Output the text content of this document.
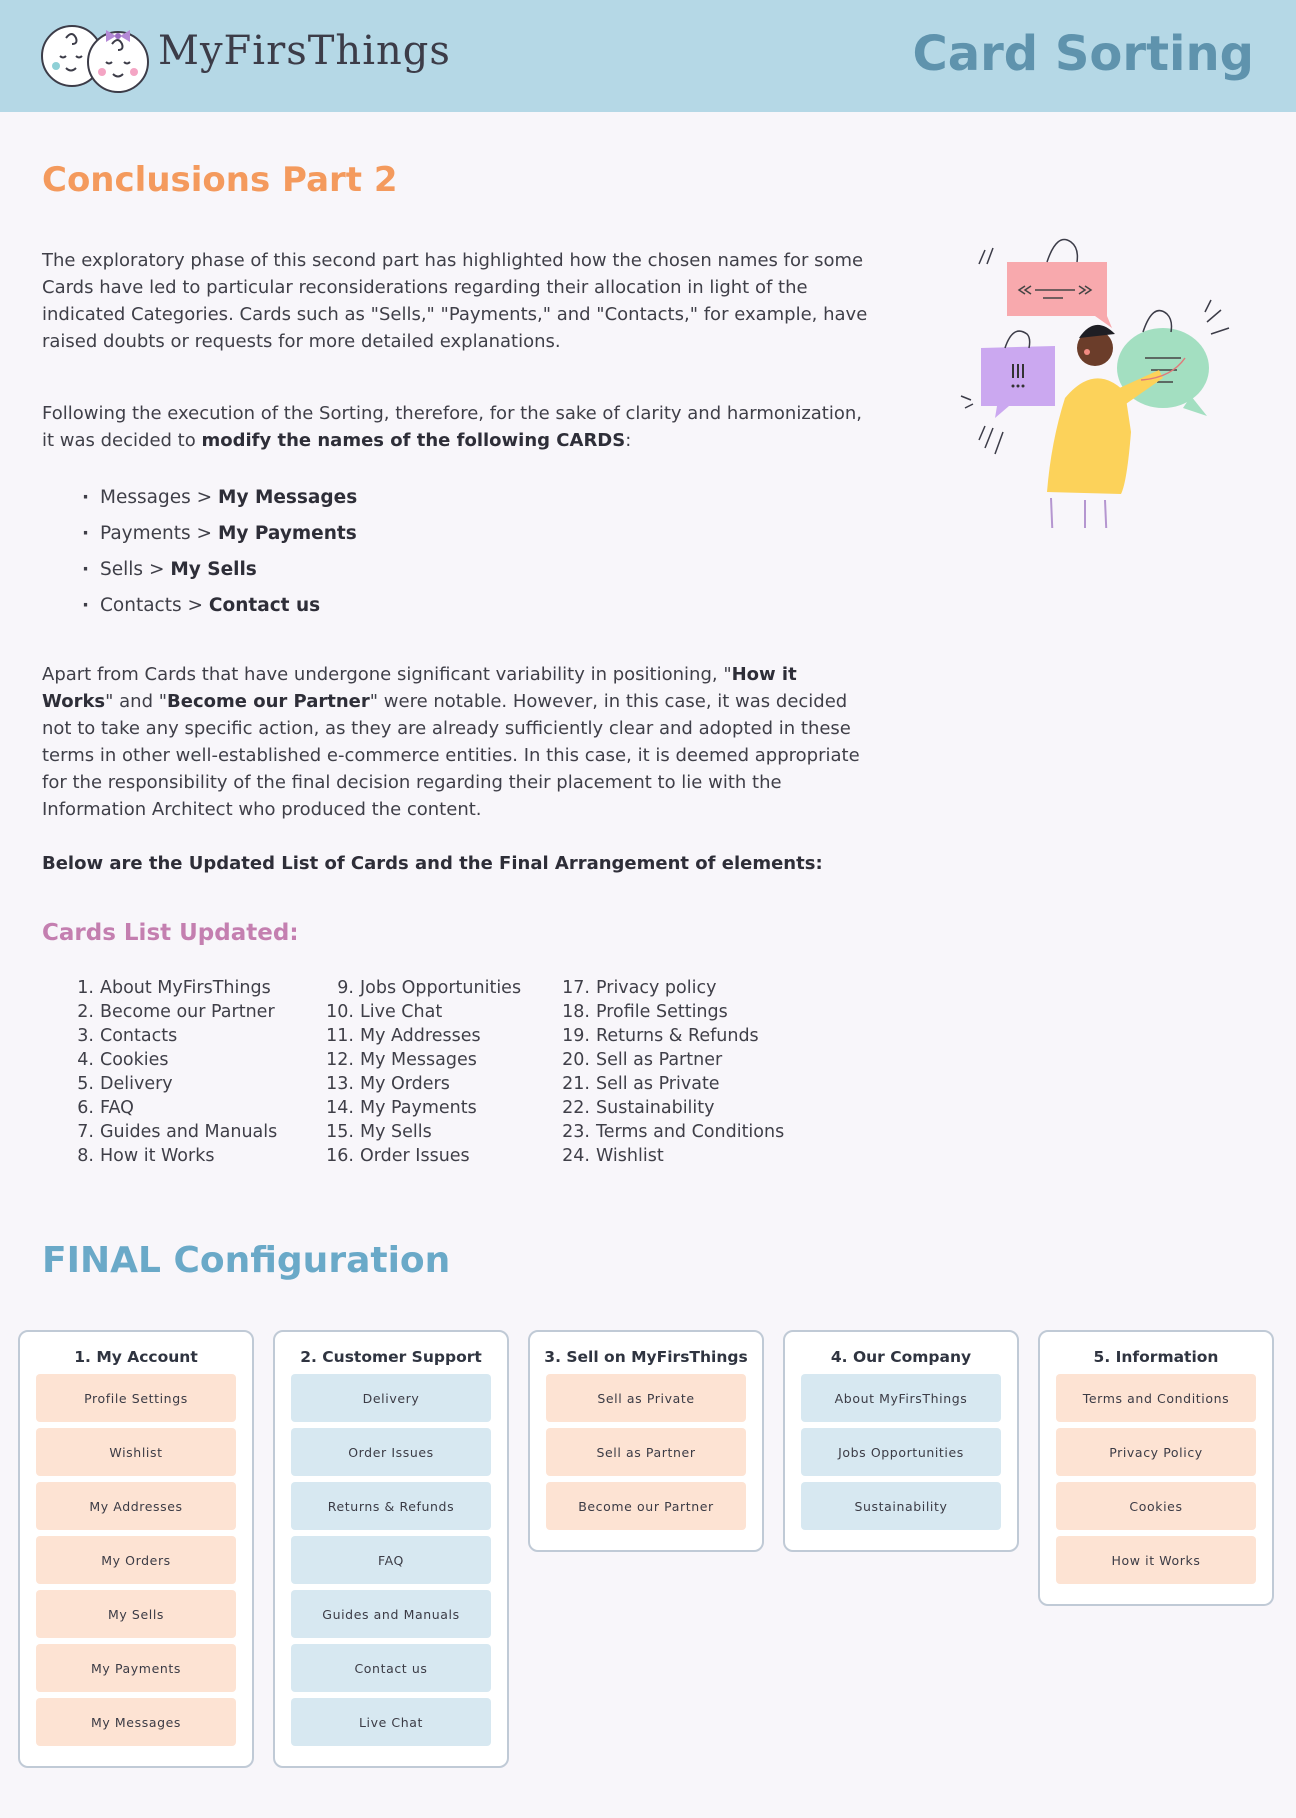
MyFirsThings	Card Sorting
Conclusions Part 2

The exploratory phase of this second part has highlighted how the chosen names for some Cards have led to particular reconsiderations regarding their allocation in light of the indicated Categories. Cards such as "Sells," "Payments," and "Contacts," for example, have raised doubts or requests for more detailed explanations.

Following the execution of the Sorting, therefore, for the sake of clarity and harmonization, it was decided to modify the names of the following CARDS:

· Messages > My Messages
· Payments > My Payments
· Sells > My Sells
· Contacts > Contact us

Apart from Cards that have undergone significant variability in positioning, "How it Works" and "Become our Partner" were notable. However, in this case, it was decided not to take any specific action, as they are already sufficiently clear and adopted in these terms in other well-established e-commerce entities. In this case, it is deemed appropriate for the responsibility of the final decision regarding their placement to lie with the Information Architect who produced the content.

Below are the Updated List of Cards and the Final Arrangement of elements:

Cards List Updated:
1. About MyFirsThings
2. Become our Partner
3. Contacts
4. Cookies
5. Delivery
6. FAQ
7. Guides and Manuals
8. How it Works
9. Jobs Opportunities
10. Live Chat
11. My Addresses
12. My Messages
13. My Orders
14. My Payments
15. My Sells
16. Order Issues
17. Privacy policy
18. Profile Settings
19. Returns & Refunds
20. Sell as Partner
21. Sell as Private
22. Sustainability
23. Terms and Conditions
24. Wishlist
FINAL Configuration
1. My Account
Profile Settings
Wishlist
My Addresses
My Orders
My Sells
My Payments
My Messages
2. Customer Support
Delivery
Order Issues
Returns & Refunds
FAQ
Guides and Manuals
Contact us
Live Chat
3. Sell on MyFirsThings
Sell as Private
Sell as Partner
Become our Partner
4. Our Company
About MyFirsThings
Jobs Opportunities
Sustainability
5. Information
Terms and Conditions
Privacy Policy
Cookies
How it Works
